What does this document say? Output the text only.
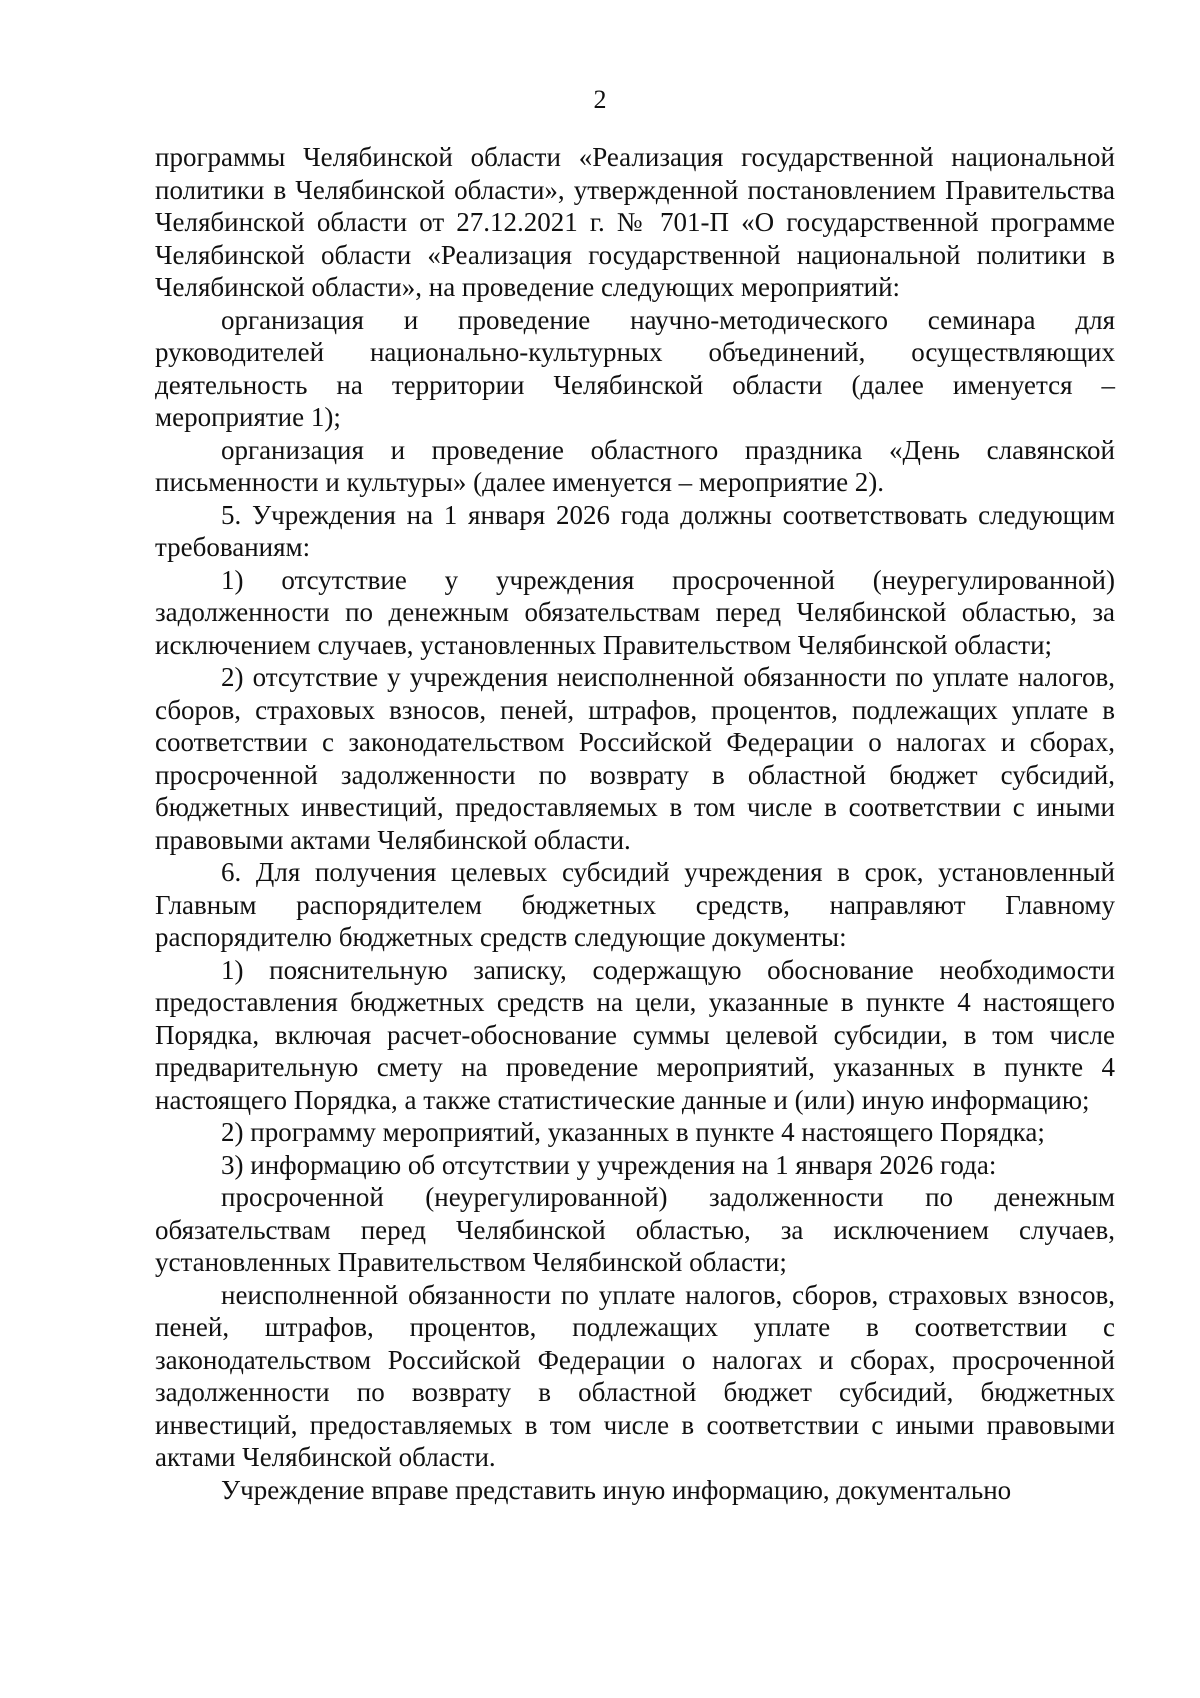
2

программы Челябинской области «Реализация государственной национальной политики в Челябинской области», утвержденной постановлением Правительства Челябинской области от 27.12.2021 г. № 701-П «О государственной программе Челябинской области «Реализация государственной национальной политики в Челябинской области», на проведение следующих мероприятий:

организация и проведение научно-методического семинара для руководителей национально-культурных объединений, осуществляющих деятельность на территории Челябинской области (далее именуется – мероприятие 1);

организация и проведение областного праздника «День славянской письменности и культуры» (далее именуется – мероприятие 2).

5. Учреждения на 1 января 2026 года должны соответствовать следующим требованиям:

1) отсутствие у учреждения просроченной (неурегулированной) задолженности по денежным обязательствам перед Челябинской областью, за исключением случаев, установленных Правительством Челябинской области;

2) отсутствие у учреждения неисполненной обязанности по уплате налогов, сборов, страховых взносов, пеней, штрафов, процентов, подлежащих уплате в соответствии с законодательством Российской Федерации о налогах и сборах, просроченной задолженности по возврату в областной бюджет субсидий, бюджетных инвестиций, предоставляемых в том числе в соответствии с иными правовыми актами Челябинской области.

6. Для получения целевых субсидий учреждения в срок, установленный Главным распорядителем бюджетных средств, направляют Главному распорядителю бюджетных средств следующие документы:

1) пояснительную записку, содержащую обоснование необходимости предоставления бюджетных средств на цели, указанные в пункте 4 настоящего Порядка, включая расчет-обоснование суммы целевой субсидии, в том числе предварительную смету на проведение мероприятий, указанных в пункте 4 настоящего Порядка, а также статистические данные и (или) иную информацию;

2) программу мероприятий, указанных в пункте 4 настоящего Порядка;

3) информацию об отсутствии у учреждения на 1 января 2026 года:

просроченной (неурегулированной) задолженности по денежным обязательствам перед Челябинской областью, за исключением случаев, установленных Правительством Челябинской области;

неисполненной обязанности по уплате налогов, сборов, страховых взносов, пеней, штрафов, процентов, подлежащих уплате в соответствии с законодательством Российской Федерации о налогах и сборах, просроченной задолженности по возврату в областной бюджет субсидий, бюджетных инвестиций, предоставляемых в том числе в соответствии с иными правовыми актами Челябинской области.

Учреждение вправе представить иную информацию, документально
